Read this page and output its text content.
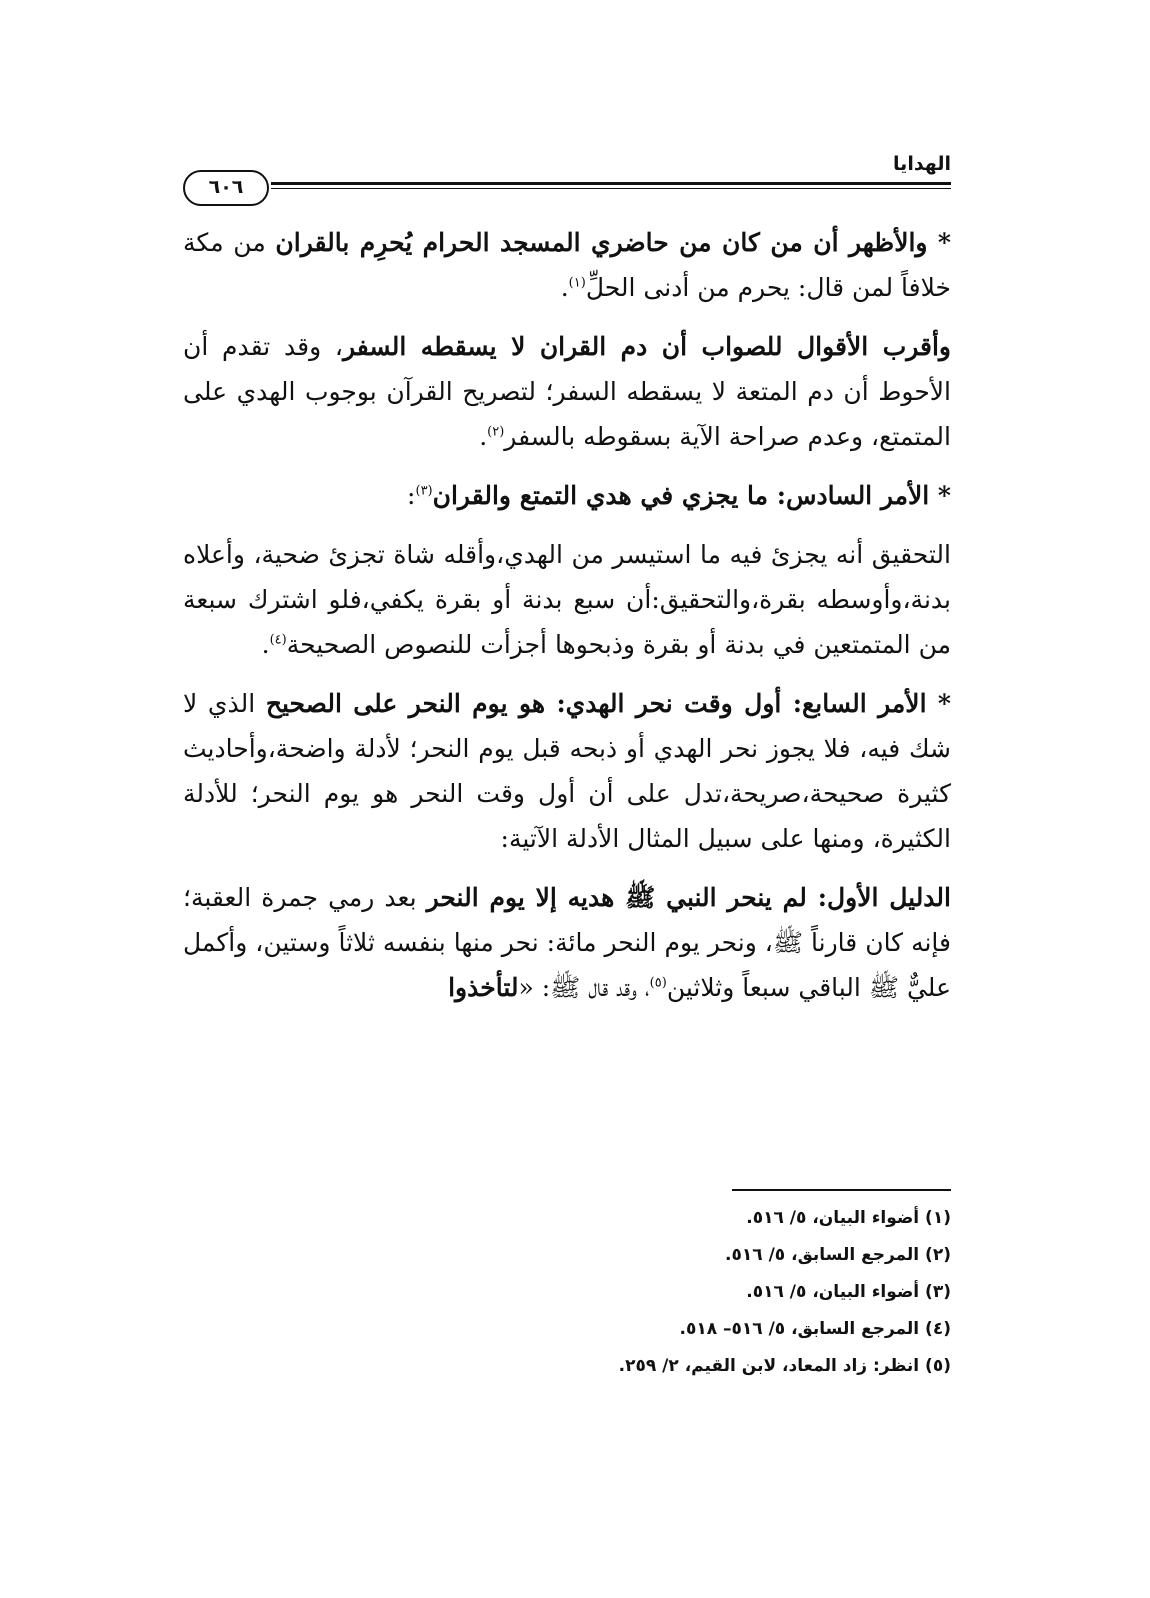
الهدايا
٦٠٦

* والأظهر أن من كان من حاضري المسجد الحرام يُحرِم بالقران من مكة خلافاً لمن قال: يحرم من أدنى الحلِّ$^{(١)}$.

وأقرب الأقوال للصواب أن دم القران لا يسقطه السفر، وقد تقدم أن الأحوط أن دم المتعة لا يسقطه السفر؛ لتصريح القرآن بوجوب الهدي على المتمتع، وعدم صراحة الآية بسقوطه بالسفر$^{(٢)}$.

* الأمر السادس: ما يجزي في هدي التمتع والقران$^{(٣)}$:

التحقيق أنه يجزئ فيه ما استيسر من الهدي،وأقله شاة تجزئ ضحية، وأعلاه بدنة،وأوسطه بقرة،والتحقيق:أن سبع بدنة أو بقرة يكفي،فلو اشترك سبعة من المتمتعين في بدنة أو بقرة وذبحوها أجزأت للنصوص الصحيحة$^{(٤)}$.

* الأمر السابع: أول وقت نحر الهدي: هو يوم النحر على الصحيح الذي لا شك فيه، فلا يجوز نحر الهدي أو ذبحه قبل يوم النحر؛ لأدلة واضحة،وأحاديث كثيرة صحيحة،صريحة،تدل على أن أول وقت النحر هو يوم النحر؛ للأدلة الكثيرة، ومنها على سبيل المثال الأدلة الآتية:

الدليل الأول: لم ينحر النبي ﷺ هديه إلا يوم النحر بعد رمي جمرة العقبة؛ فإنه كان قارناً ﷺ، ونحر يوم النحر مائة: نحر منها بنفسه ثلاثاً وستين، وأكمل عليٌّ ﷺ الباقي سبعاً وثلاثين$^{(٥)}$، وقد قال ﷺ: «لتأخذوا

(١) أضواء البيان، ٥/ ٥١٦.
(٢) المرجع السابق، ٥/ ٥١٦.
(٣) أضواء البيان، ٥/ ٥١٦.
(٤) المرجع السابق، ٥/ ٥١٦– ٥١٨.
(٥) انظر: زاد المعاد، لابن القيم، ٢/ ٢٥٩.
